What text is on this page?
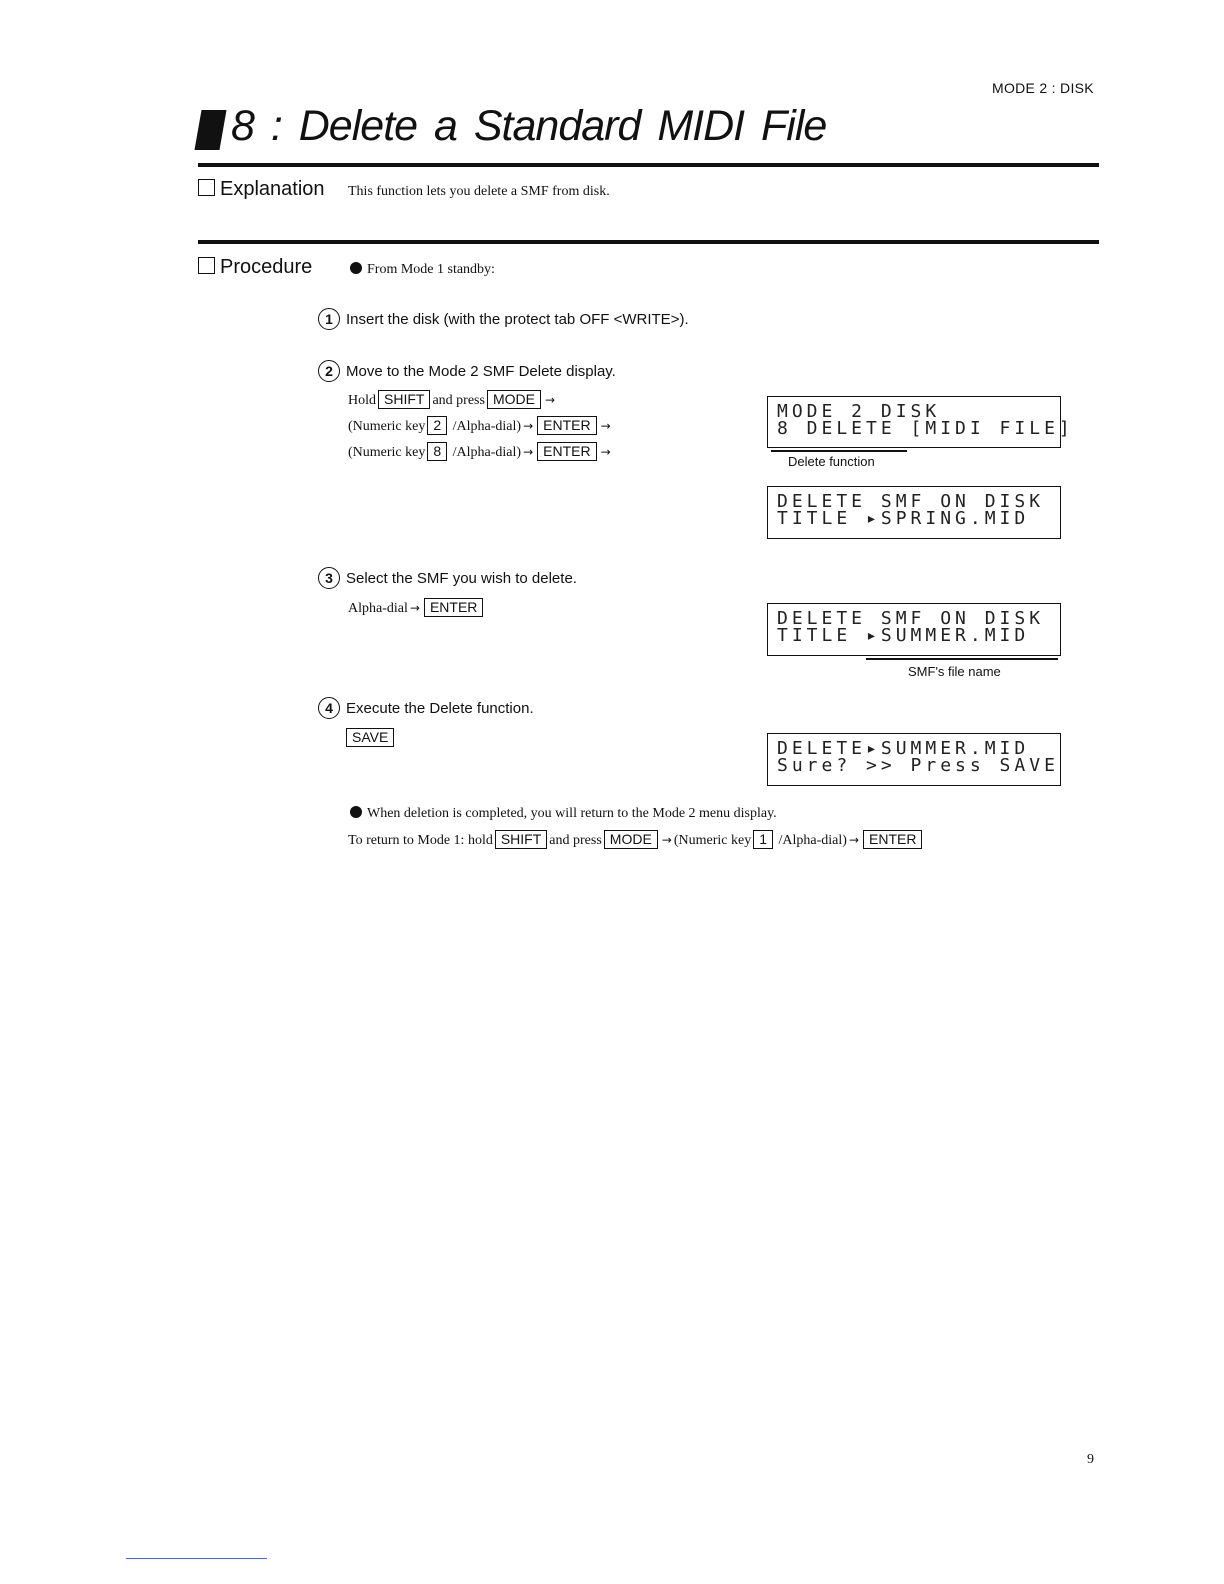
MODE 2 : DISK
8 : Delete a Standard MIDI File
Explanation This function lets you delete a SMF from disk.
Procedure	From Mode 1 standby:
1 Insert the disk (with the protect tab OFF <WRITE>).
2 Move to the Mode 2 SMF Delete display.
Hold SHIFT and press MODE →
(Numeric key 2 /Alpha-dial) → ENTER →
(Numeric key 8 /Alpha-dial) → ENTER →
3 Select the SMF you wish to delete.
Alpha-dial → ENTER
4 Execute the Delete function.
SAVE
When deletion is completed, you will return to the Mode 2 menu display.
To return to Mode 1: hold SHIFT and press MODE → (Numeric key 1 /Alpha-dial) → ENTER
MODE 2 DISK
8 DELETE [MIDI FILE]
Delete function
DELETE SMF ON DISK
TITLE ▸SPRING.MID
DELETE SMF ON DISK
TITLE ▸SUMMER.MID
SMF's file name
DELETE▸SUMMER.MID
Sure? >> Press SAVE
9
